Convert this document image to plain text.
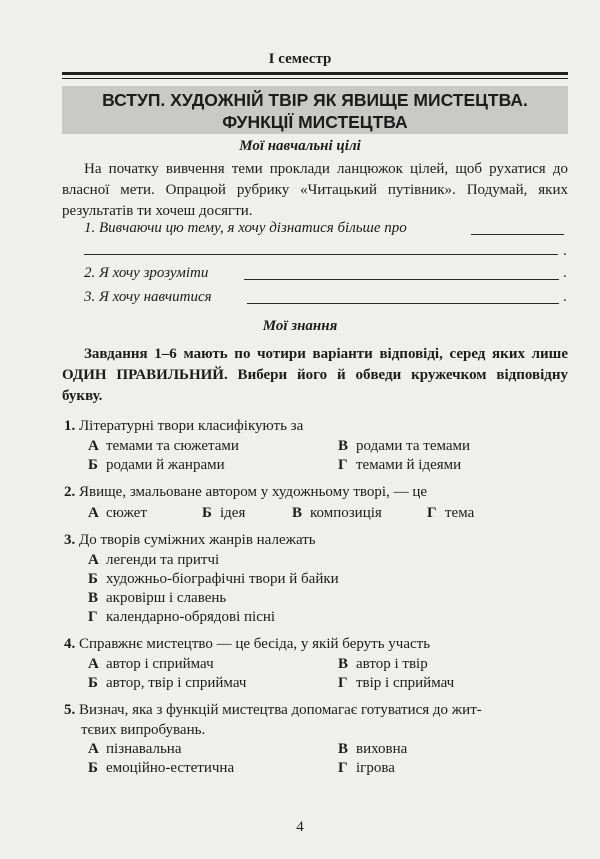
І семестр
ВСТУП. ХУДОЖНІЙ ТВІР ЯК ЯВИЩЕ МИСТЕЦТВА.
ФУНКЦІЇ МИСТЕЦТВА
Мої навчальні цілі
На початку вивчення теми проклади ланцюжок цілей, щоб рухатися до власної мети. Опрацюй рубрику «Читацький путівник». Подумай, яких результатів ти хочеш досягти.
1. Вивчаючи цю тему, я хочу дізнатися більше про
.
2. Я хочу зрозуміти	.
3. Я хочу навчитися	.
Мої знання
Завдання 1–6 мають по чотири варіанти відповіді, серед яких лише ОДИН ПРАВИЛЬНИЙ. Вибери його й обведи кружечком відповідну букву.
1. Літературні твори класифікують за
А темами та сюжетами	В родами та темами
Б родами й жанрами	Г темами й ідеями
2. Явище, змальоване автором у художньому творі, — це
А сюжет	Б ідея	В композиція	Г тема
3. До творів суміжних жанрів належать
А легенди та притчі
Б художньо-біографічні твори й байки
В акровірш і славень
Г календарно-обрядові пісні
4. Справжнє мистецтво — це бесіда, у якій беруть участь
А автор і сприймач	В автор і твір
Б автор, твір і сприймач	Г твір і сприймач
5. Визнач, яка з функцій мистецтва допомагає готуватися до жит-
тєвих випробувань.
А пізнавальна	В виховна
Б емоційно-естетична	Г ігрова
4
